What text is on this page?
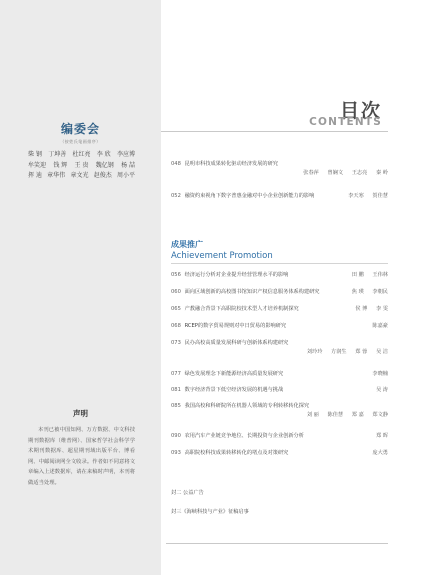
编委会
（按姓氏笔画排序）
柴 钢 丁坤善 杜红亮 李 欣 李应博
牟笑迎 钱 辉 王 贵 魏亿钢 杨 喆
挥 迪 章华伟 章文光 赵俊杰 周小平
声明
本刊已被中国知网、万方数据、中文科技期刊数据库（维普网）、国家哲学社会科学学术期刊数据库、超星期刊域出版平台、博看网、中邮阅读网全文收录。作者如不同意将文章编入上述数据库，请在来稿时声明，本刊将做适当处理。
目次
CONTENTS
048 昆明市科技成果转化驱动经济发展的研究
张春萍 曾娴文 王志亮 秦 岭
052 融资约束视角下数字普惠金融对中小企业创新能力的影响	李天寒 贺佳慧
成果推广
Achievement Promotion
056 经济运行分析对企业提升经营管理水平的影响	田 鹏 王伟林
060 面向区域创新的高校图书馆知识产权信息服务体系构建研究	焦 瑛 李朝民
065 产教融合背景下高职院校技术型人才培养机制探究	侯 博 李 雯
068 RCEP的数字贸易规则对中日贸易的影响研究	陈嘉豪
073 民办高校高质量发展科研与创新体系构建研究
刘玲玲 方润生 郑 蓉 吴 洁
077 绿色发展理念下新能源经济高质量发展研究	李晓楠
081 数字经济背景下低空经济发展的机遇与挑战	吴 涛
085 我国高校和科研院所在机器人领域的专利转移转化探究
刘 丽 陈佳慧 郑 嘉 郑文静
090 农用汽车产业链竞争地位、长期投资与企业创新分析	郑 晖
093 高职院校科技成果转移转化的堵点及对策研究	庞大勇
封二 公益广告
封三《海峡科技与产业》征稿启事
